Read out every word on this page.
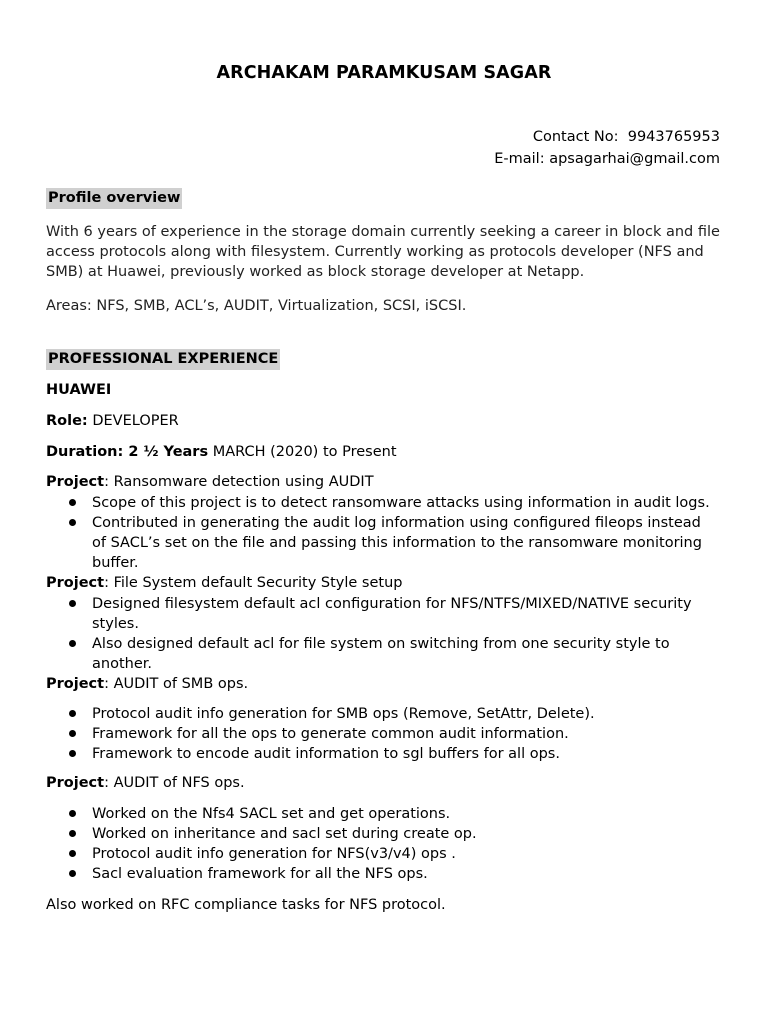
ARCHAKAM PARAMKUSAM SAGAR
Contact No: 9943765953
E-mail: apsagarhai@gmail.com
Profile overview
With 6 years of experience in the storage domain currently seeking a career in block and file access protocols along with filesystem. Currently working as protocols developer (NFS and SMB) at Huawei, previously worked as block storage developer at Netapp.
Areas: NFS, SMB, ACL’s, AUDIT, Virtualization, SCSI, iSCSI.
PROFESSIONAL EXPERIENCE
HUAWEI
Role: DEVELOPER
Duration: 2 ½ Years MARCH (2020) to Present
Project: Ransomware detection using AUDIT
Scope of this project is to detect ransomware attacks using information in audit logs.
Contributed in generating the audit log information using configured fileops instead of SACL’s set on the file and passing this information to the ransomware monitoring buffer.
Project: File System default Security Style setup
Designed filesystem default acl configuration for NFS/NTFS/MIXED/NATIVE security styles.
Also designed default acl for file system on switching from one security style to another.
Project: AUDIT of SMB ops.
Protocol audit info generation for SMB ops (Remove, SetAttr, Delete).
Framework for all the ops to generate common audit information.
Framework to encode audit information to sgl buffers for all ops.
Project: AUDIT of NFS ops.
Worked on the Nfs4 SACL set and get operations.
Worked on inheritance and sacl set during create op.
Protocol audit info generation for NFS(v3/v4) ops .
Sacl evaluation framework for all the NFS ops.
Also worked on RFC compliance tasks for NFS protocol.
